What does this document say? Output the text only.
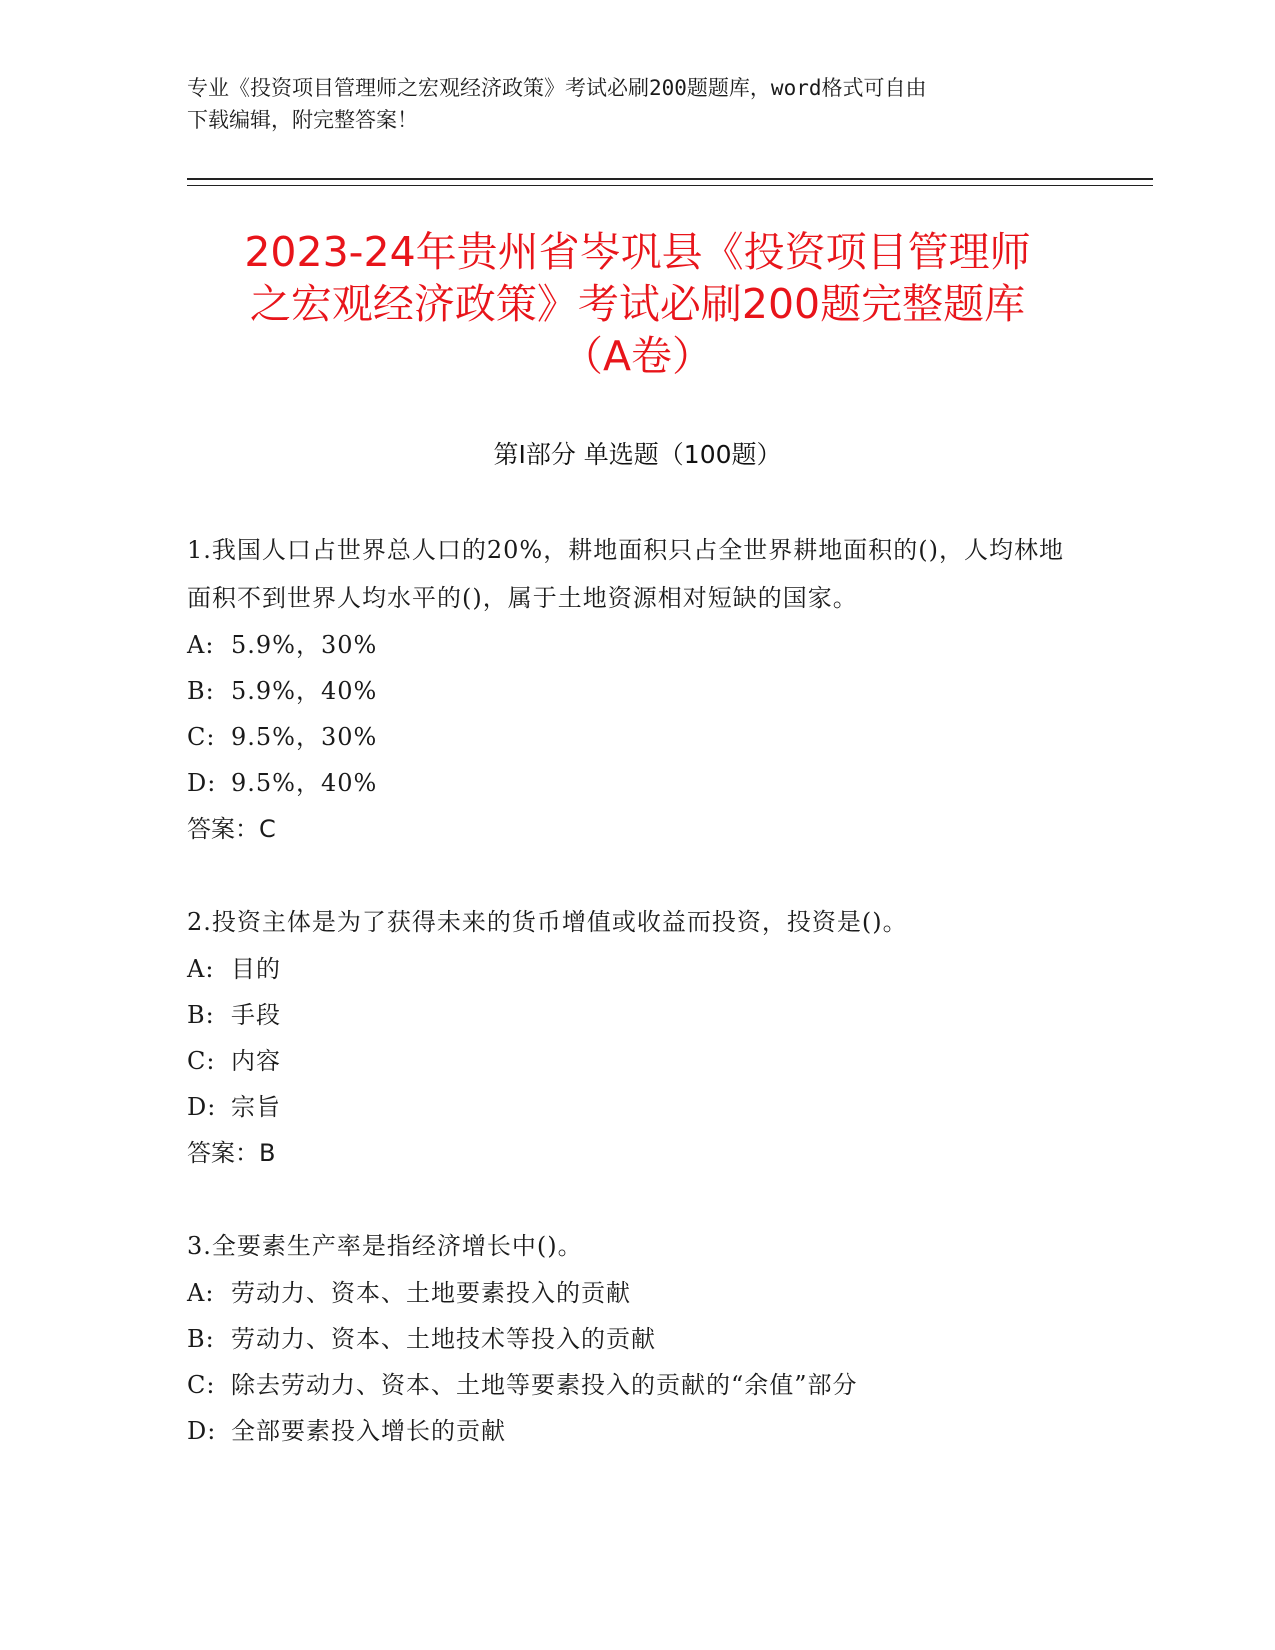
专业《投资项目管理师之宏观经济政策》考试必刷200题题库，word格式可自由
下载编辑，附完整答案！
2023-24年贵州省岑巩县《投资项目管理师
之宏观经济政策》考试必刷200题完整题库
（A卷）
第Ⅰ部分 单选题（100题）
1.我国人口占世界总人口的20%，耕地面积只占全世界耕地面积的()，人均林地面积不到世界人均水平的()，属于土地资源相对短缺的国家。
A: 5.9%，30%
B: 5.9%，40%
C: 9.5%，30%
D: 9.5%，40%
答案：C
2.投资主体是为了获得未来的货币增值或收益而投资，投资是()。
A: 目的
B: 手段
C: 内容
D: 宗旨
答案：B
3.全要素生产率是指经济增长中()。
A: 劳动力、资本、土地要素投入的贡献
B: 劳动力、资本、土地技术等投入的贡献
C: 除去劳动力、资本、土地等要素投入的贡献的“余值”部分
D: 全部要素投入增长的贡献
